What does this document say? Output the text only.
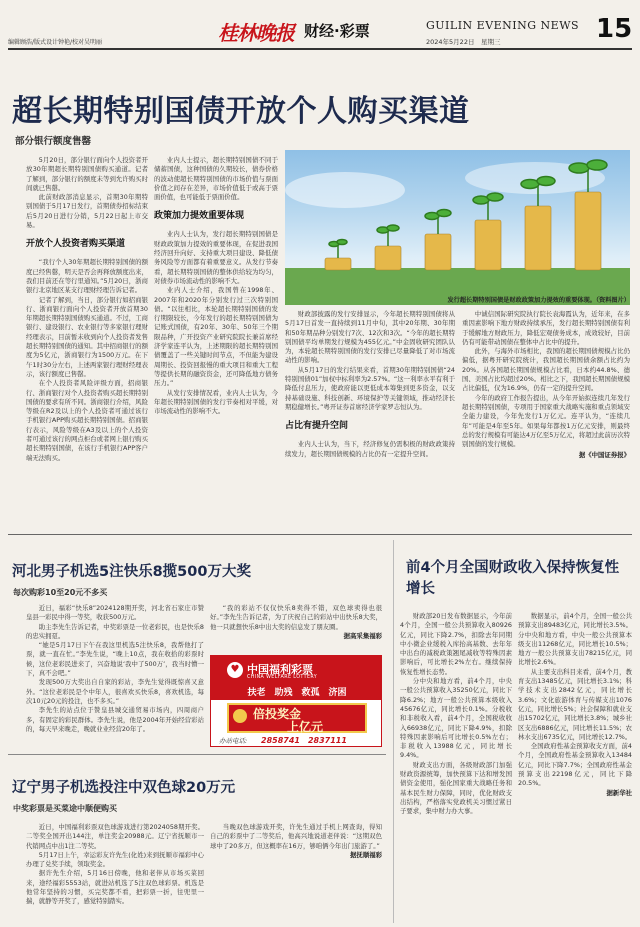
编辑顾浩/版式设计钟艳/校对吴明丽	桂林晚报 财经·彩票	GUILIN EVENING NEWS
2024年5月22日　星期三	15
超长期特别国债开放个人购买渠道
部分银行额度售罄

5月20日，部分银行面向个人投资者开放30年期超长期特别国债购买通道。记者了解到，部分银行的额度未等到允许购买时间就已售罄。

此前财政部消息显示，首期30年期特别国债于5月17日发行，首期债券招标结束后5月20日进行分销，5月22日起上市交易。

开放个人投资者购买渠道

“我行个人30年期超长期特别国债的额度已经售罄，明天是否会再释放额度出来，我们目前还在等行里通知。”5月20日，浙商银行北京地区某支行理财经理告诉记者。

记者了解到，当日，部分银行如招商银行、浙商银行面向个人投资者开放首期30年期超长期特别国债购买通道。不过，工商银行、建设银行、农业银行等多家银行理财经理表示，目前暂未收到向个人投资者发售超长期特别国债的通知。其中招商银行的额度为5亿元，浙商银行为1500万元。在下午1时30分左右，上述两家银行理财经理表示，该行额度已售罄。

在个人投资者风险评级方面，招商银行、浙商银行对个人投资者购买超长期特别国债的要求有所不同。浙商银行介绍，风险等级在R2及以上的个人投资者可通过该行手机银行APP购买超长期特别国债。招商银行表示，风险等级在A3及以上的个人投资者可通过该行的网点柜台或者网上银行购买超长期特别国债，在该行手机银行APP客户端无法购买。

业内人士提示，超长期特别国债不同于储蓄国债，这种国债的久期较长，债券价格的波动使超长期特别国债的市场价值与票面价值之间存在差异，市场价值低于或高于票面价值，也可能低于票面价值。

政策加力提效重要体现

业内人士认为，发行超长期特别国债是财政政策加力提效的重要体现，在促进我国经济回升向好、支持重大项目建设、降低债务风险等方面都有着重要意义。从发行节奏看，超长期特别国债的整体供给较为均匀，对债券市场流动性的影响不大。

业内人士介绍，我国曾在1998年、2007年和2020年分别发行过三次特别国债。“以往相比，本轮超长期特别国债的发行期限较长，今年发行的超长期特别国债为记账式国债，有20年、30年、50年三个期限品种，广开投资产业研究院院长兼首席经济学家连平认为，上述期限的超长期特别国债覆盖了一些关键时间节点，不但能为建设周期长、投资回报慢的重大项目和重大工程等提供长期的融资资金，还可降低地方债务压力。”

从发行安排情况看，业内人士认为，今年超长期特别国债的发行节奏相对平缓，对市场流动性的影响不大。

发行超长期特别国债是财政政策加力提效的重要体现。（资料图片）

财政部披露的发行安排显示，今年超长期特别国债将从5月17日首发一直持续到11月中旬，其中20年期、30年期和50年期品种分别发行7次、12次和3次。“今年的超长期特别国债平均单期发行规模为455亿元。”中金固收研究团队认为，本轮超长期特别国债的发行安排已尽量降低了对市场流动性的影响。

从5月17日的发行结果来看，首期30年期特别国债“24特别国债01”加权中标利率为2.57%。“这一利率水平有利于降低付息压力，使政府能以更低成本筹集到更多资金，以支持基础设施、科技创新、环境保护等关键领域，推动经济长期稳健增长。”粤开证券首席经济学家罗志恒认为。

占比有提升空间

业内人士认为，当下，经济修复仍需积极的财政政策持续发力，超长期国债规模的占比仍有一定提升空间。

中诚信国际研究院执行院长袁海霞认为，近年来，在多重因素影响下地方财政持续承压，发行超长期特别国债有利于缓解地方财政压力，降低宏观债务成本，成效较好，目前仍有可能带动国债在整体中占比中的提升。

此外，与海外市场相比，我国的超长期国债规模占比仍偏低，据粤开研究院统计，我国超长期国债余额占比约为20%。从各国超长期国债规模占比看，日本约44.8%、德国、美国占比均超过20%。相比之下，我国超长期国债规模占比偏低，仅为16.9%，仍有一定的提升空间。

今年的政府工作报告提出，从今年开始拟连续几年发行超长期特别国债，专项用于国家重大战略实施和重点领域安全能力建设，今年先发行1万亿元。连平认为，“连续几年”可能是4年至5年。如果每年都按1万亿元安排，则最终总的发行规模有可能达4万亿至5万亿元，将超过此前历次特别国债的发行规模。

据《中国证券报》
河北男子机选5注快乐8揽500万大奖
每次购彩10至20元不多买

近日，福彩“快乐8”2024128期开奖，河北省石家庄市赞皇县一彩民中得一等奖，收获500万元。

助主李先生告诉记者，中奖彩票是一位老彩民，也是快乐8的忠实拥趸。

“她是5月17日下午在我这里机选5注快乐8，我帮他打了票，就一直在忙。”李先生说，“晚上10点，我在收拾的彩票时候，这位老彩民进来了，兴奋地说‘我中了500万’，我当时懵一下，真不会吧。”

发现500万大奖出自自家的彩站，李先生觉得既惊喜又意外。“这位老彩民是个中年人，很喜欢买快乐8，喜欢机选，每次10元20元的投注，也不多买。”

李先生的站点位于赞皇县城交通贸易市场内，四周商户多，有固定的彩民群体。李先生说，他是2004年开始经营彩站的，每天早来晚走，晚就业业经营20年了。

“我的彩站不仅仅快乐8卖得不错，双色球卖得也很好。”李先生告诉记者，为了庆祝自己的彩站中出快乐8大奖，他一只就想快乐8中出大奖的信息发了朋友圈。

据高采集福彩
♥ 中国福利彩票
CHINA WELFARE LOTTERY
扶老　助残　救孤　济困
倍投奖金
上亿元
办站电话: 2858741　2837111
辽宁男子机选投注中双色球20万元
中奖彩票是买菜途中顺便购买

近日，中国福利彩票双色球游戏进行第2024058期开奖。二等奖全国开出144注，单注奖金20988元。辽宁省抚顺市一代销网点中出1注二等奖。

5月17日上午，幸运彩友许先生(化姓)来到抚顺市福彩中心办理了兑奖手续，领取奖金。

据许先生介绍，5月16日傍晚，他和老伴从市场买菜回来，途经福彩5553站，就进站机选了5注双色球彩票。机选是他常年坚持的习惯，买完奖都不看，把彩票一折，往兜里一揣，就静等开奖了，感觉特别踏实。

当晚双色球游戏开奖，许先生通过手机上网查询，得知自己的彩票中了二等奖后，他高兴地说道老伴说：“这期双色球中了20多万，但这概率在16万，够咱俩今年出门旅游了。”

据抚顺福彩
前4个月全国财政收入保持恢复性增长

财政部20日发布数据显示，今年前4个月，全国一般公共预算收入80926亿元，同比下降2.7%，扣除去年同期中小微企业缓税入库抬高基数、去年年中出台的减税政策翘尾减收等特殊因素影响后，可比增长2%左右。继续保持恢复性增长态势。

分中央和地方看，前4个月，中央一般公共预算收入35250亿元，同比下降6.2%；地方一般公共预算本级收入45676亿元，同比增长0.1%。分税收和非税收入看，前4个月，全国税收收入66938亿元，同比下降4.9%，扣除特殊因素影响后可比增长0.5%左右；非税收入13988亿元，同比增长9.4%。

财政支出方面，各级财政部门加强财政资源统筹，加快预算下达和增发国债资金使用，强化国家重大战略任务和基本民生财力保障，同时，优化财政支出结构，严格落实党政机关习惯过紧日子要求，集中财力办大事。

数据显示，前4个月，全国一般公共预算支出89483亿元，同比增长3.5%。分中央和地方看，中央一般公共预算本级支出11268亿元，同比增长10.5%；地方一般公共预算支出78215亿元，同比增长2.6%。

从主要支出科目来看，前4个月，教育支出13485亿元，同比增长3.1%；科学技术支出2842亿元，同比增长3.6%；文化旅游体育与传媒支出1076亿元，同比增长5%；社会保障和就业支出15702亿元，同比增长3.8%；城乡社区支出6886亿元，同比增长11.5%；农林水支出6735亿元，同比增长12.7%。

全国政府性基金预算收支方面，前4个月，全国政府性基金预算收入13484亿元，同比下降7.7%；全国政府性基金预算支出22198亿元，同比下降20.5%。

据新华社
